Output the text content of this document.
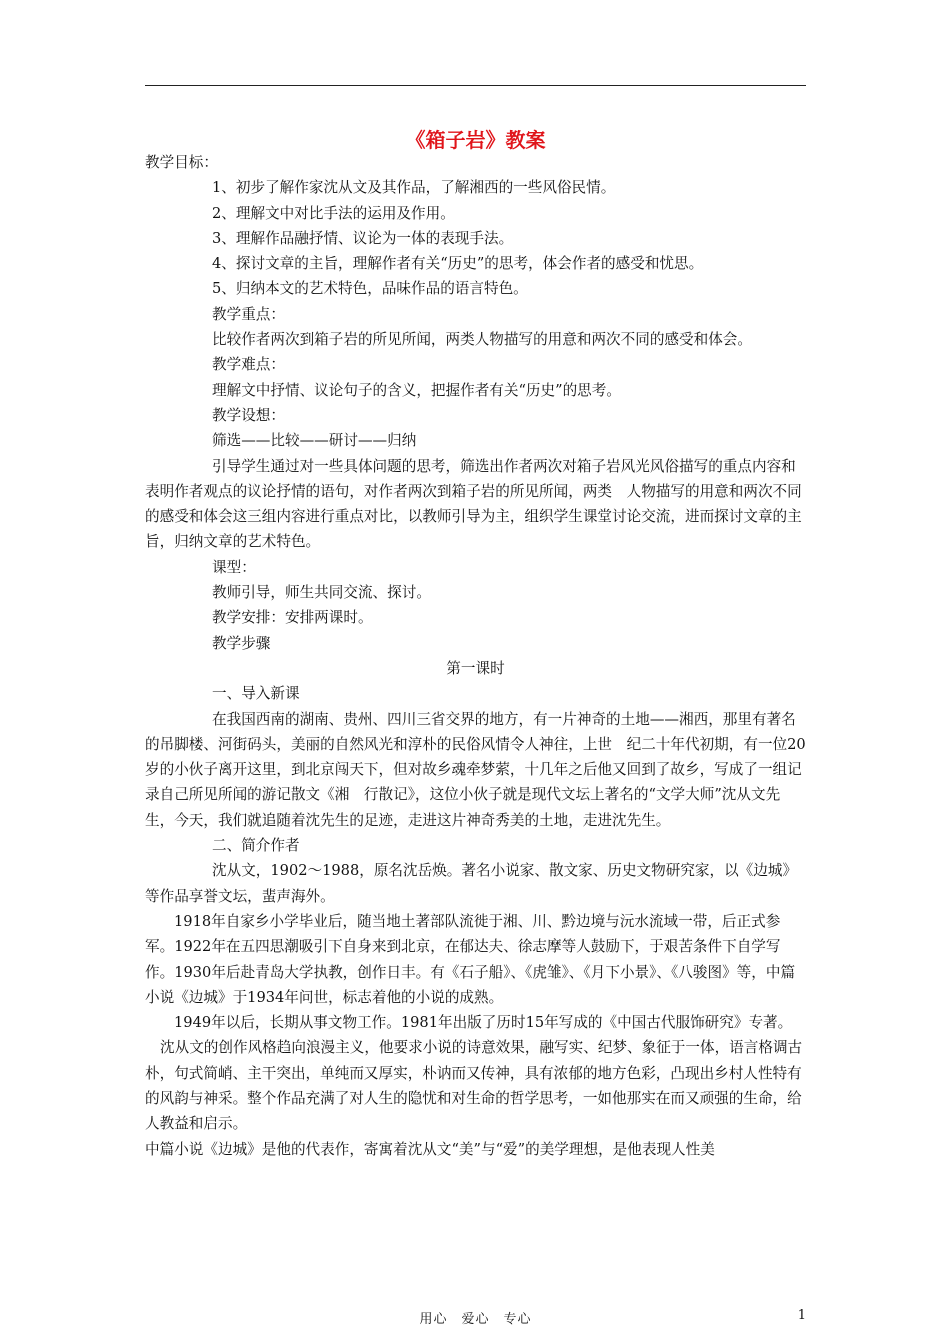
《箱子岩》教案

教学目标：

1、初步了解作家沈从文及其作品，了解湘西的一些风俗民情。

2、理解文中对比手法的运用及作用。

3、理解作品融抒情、议论为一体的表现手法。

4、探讨文章的主旨，理解作者有关“历史”的思考，体会作者的感受和忧思。

5、归纳本文的艺术特色，品味作品的语言特色。

教学重点：

比较作者两次到箱子岩的所见所闻，两类人物描写的用意和两次不同的感受和体会。

教学难点：

理解文中抒情、议论句子的含义，把握作者有关“历史”的思考。

教学设想：

筛选——比较——研讨——归纳

引导学生通过对一些具体问题的思考，筛选出作者两次对箱子岩风光风俗描写的重点内容和表明作者观点的议论抒情的语句，对作者两次到箱子岩的所见所闻，两类　人物描写的用意和两次不同的感受和体会这三组内容进行重点对比，以教师引导为主，组织学生课堂讨论交流，进而探讨文章的主旨，归纳文章的艺术特色。

课型：

教师引导，师生共同交流、探讨。

教学安排：安排两课时。

教学步骤

第一课时

一、导入新课

在我国西南的湖南、贵州、四川三省交界的地方，有一片神奇的土地——湘西，那里有著名的吊脚楼、河街码头，美丽的自然风光和淳朴的民俗风情令人神往，上世　纪二十年代初期，有一位20岁的小伙子离开这里，到北京闯天下，但对故乡魂牵梦萦，十几年之后他又回到了故乡，写成了一组记录自己所见所闻的游记散文《湘　行散记》，这位小伙子就是现代文坛上著名的“文学大师”沈从文先生，今天，我们就追随着沈先生的足迹，走进这片神奇秀美的土地，走进沈先生。

二、简介作者

沈从文，1902～1988，原名沈岳焕。著名小说家、散文家、历史文物研究家，以《边城》等作品享誉文坛，蜚声海外。

1918年自家乡小学毕业后，随当地土著部队流徙于湘、川、黔边境与沅水流域一带，后正式参军。1922年在五四思潮吸引下自身来到北京，在郁达夫、徐志摩等人鼓励下，于艰苦条件下自学写作。1930年后赴青岛大学执教，创作日丰。有《石子船》、《虎雏》、《月下小景》、《八骏图》等，中篇小说《边城》于1934年问世，标志着他的小说的成熟。

1949年以后，长期从事文物工作。1981年出版了历时15年写成的《中国古代服饰研究》专著。

沈从文的创作风格趋向浪漫主义，他要求小说的诗意效果，融写实、纪梦、象征于一体，语言格调古朴，句式简峭、主干突出，单纯而又厚实，朴讷而又传神，具有浓郁的地方色彩，凸现出乡村人性特有的风韵与神采。整个作品充满了对人生的隐忧和对生命的哲学思考，一如他那实在而又顽强的生命，给人教益和启示。

中篇小说《边城》是他的代表作，寄寓着沈从文“美”与“爱”的美学理想，是他表现人性美

用心　爱心　专心	1
